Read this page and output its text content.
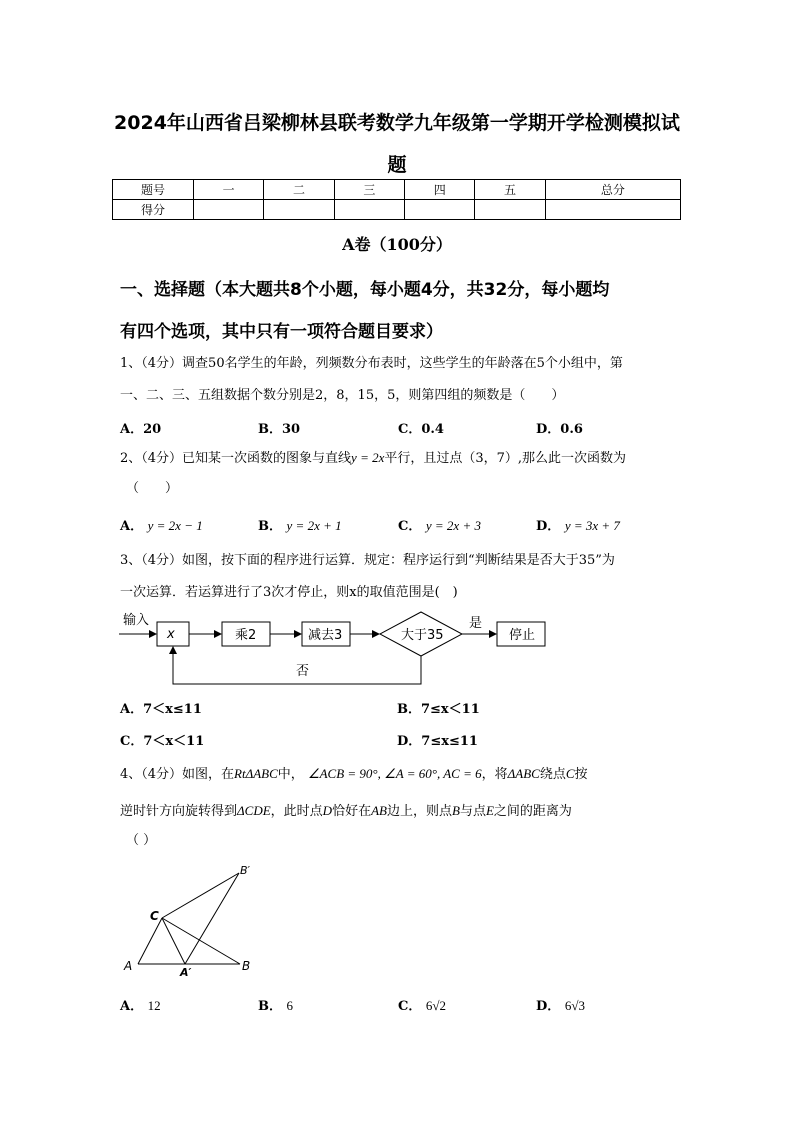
2024年山西省吕梁柳林县联考数学九年级第一学期开学检测模拟试
题
题号	一	二	三	四	五	总分
得分						
A卷（100分）
一、选择题（本大题共8个小题，每小题4分，共32分，每小题均
有四个选项，其中只有一项符合题目要求）
1、（4分）调查50名学生的年龄，列频数分布表时，这些学生的年龄落在5个小组中，第
一、二、三、五组数据个数分别是2，8，15，5，则第四组的频数是（　　）
A．20	B．30	C．0.4	D．0.6
2、（4分）已知某一次函数的图象与直线y = 2x平行，且过点（3，7）,那么此一次函数为
（　　）
A． y = 2x − 1	B． y = 2x + 1	C． y = 2x + 3	D． y = 3x + 7
3、（4分）如图，按下面的程序进行运算．规定：程序运行到“判断结果是否大于35”为
一次运算．若运算进行了3次才停止，则x的取值范围是(　)
输入
x	乘2	减去3	大于35
是
停止
否
A．7＜x≤11	B．7≤x＜11
C．7＜x＜11	D．7≤x≤11
4、（4分）如图，在RtΔABC中， ∠ACB = 90°, ∠A = 60°, AC = 6，将ΔABC绕点C按
逆时针方向旋转得到ΔCDE，此时点D恰好在AB边上，则点B与点E之间的距离为
（ ）
B′
C
A	A′	B
A． 12	B． 6	C． 6√2	D． 6√3
